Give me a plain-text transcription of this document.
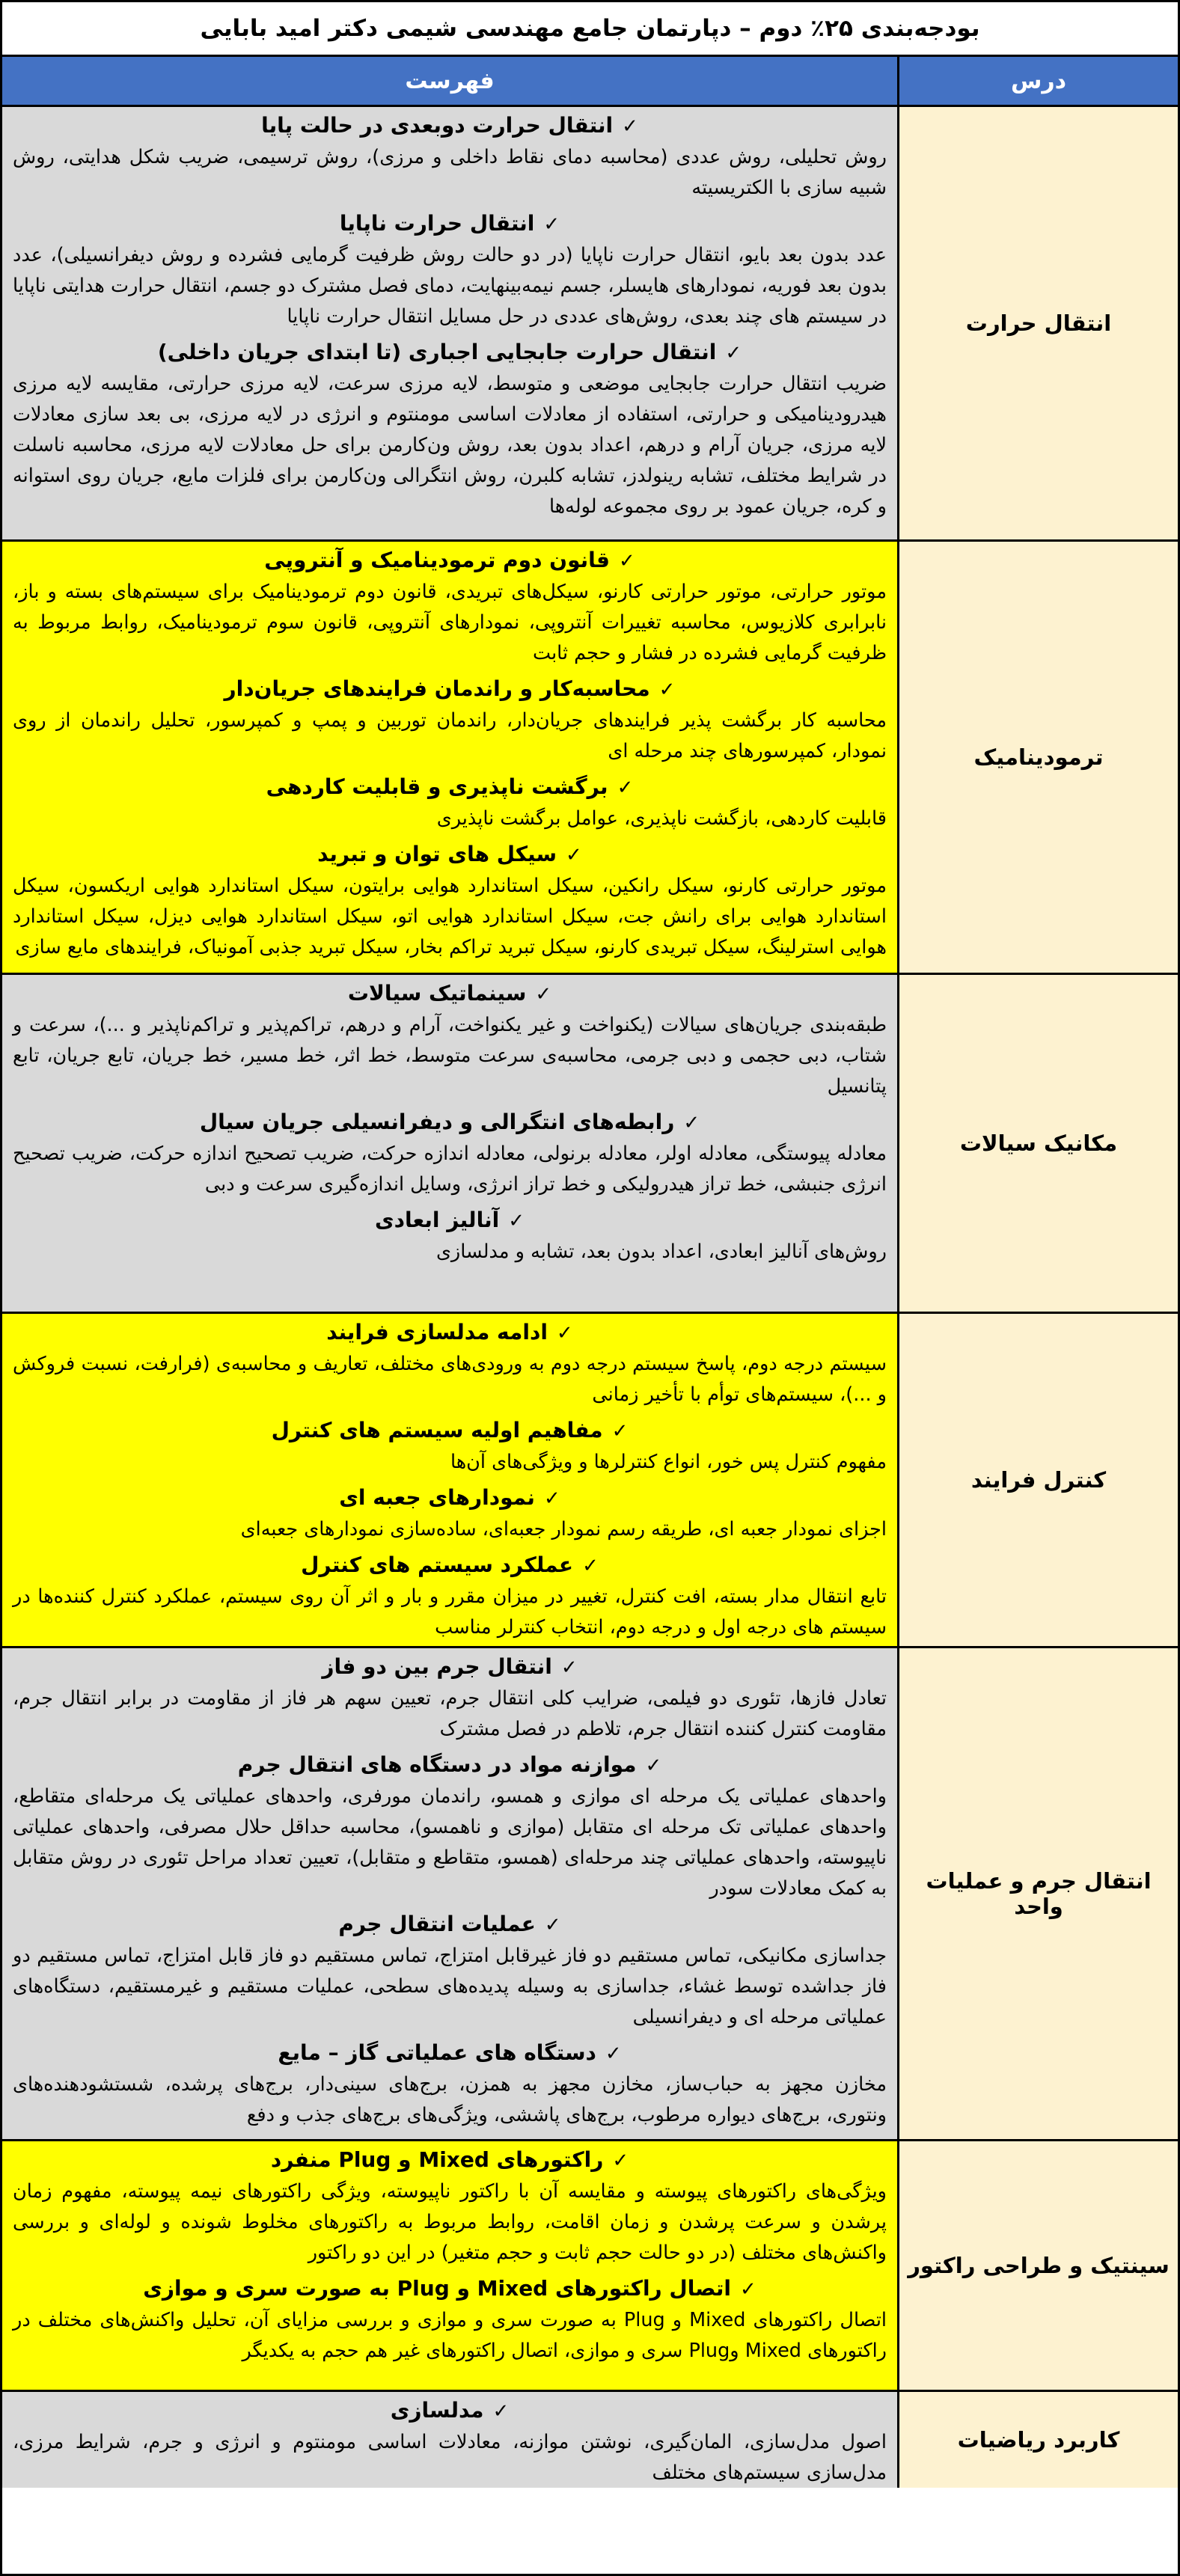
بودجه‌بندی ۲۵٪ دوم – دپارتمان جامع مهندسی شیمی دکتر امید بابایی
درس
فهرست
انتقال حرارت
✓انتقال حرارت دوبعدی در حالت پایا
روش تحلیلی، روش عددی (محاسبه دمای نقاط داخلی و مرزی)، روش ترسیمی، ضریب شکل هدایتی، روش شبیه سازی با الکتریسیته
✓انتقال حرارت ناپایا
عدد بدون بعد بایو، انتقال حرارت ناپایا (در دو حالت روش ظرفیت گرمایی فشرده و روش دیفرانسیلی)، عدد بدون بعد فوریه، نمودارهای هایسلر، جسم نیمه‌بینهایت، دمای فصل مشترک دو جسم، انتقال حرارت هدایتی ناپایا در سیستم های چند بعدی، روش‌های عددی در حل مسایل انتقال حرارت ناپایا
✓انتقال حرارت جابجایی اجباری (تا ابتدای جریان داخلی)
ضریب انتقال حرارت جابجایی موضعی و متوسط، لایه مرزی سرعت، لایه مرزی حرارتی، مقایسه لایه مرزی هیدرودینامیکی و حرارتی، استفاده از معادلات اساسی مومنتوم و انرژی در لایه مرزی، بی بعد سازی معادلات لایه مرزی، جریان آرام و درهم، اعداد بدون بعد، روش ون‌کارمن برای حل معادلات لایه مرزی، محاسبه ناسلت در شرایط مختلف، تشابه رینولدز، تشابه کلبرن، روش انتگرالی ون‌کارمن برای فلزات مایع، جریان روی استوانه و کره، جریان عمود بر روی مجموعه لوله‌ها
ترمودینامیک
✓قانون دوم ترمودینامیک و آنتروپی
موتور حرارتی، موتور حرارتی کارنو، سیکل‌های تبریدی، قانون دوم ترمودینامیک برای سیستم‌های بسته و باز، نابرابری کلازیوس، محاسبه تغییرات آنتروپی، نمودارهای آنتروپی، قانون سوم ترمودینامیک، روابط مربوط به ظرفیت گرمایی فشرده در فشار و حجم ثابت
✓محاسبه‌کار و راندمان فرایندهای جریان‌دار
محاسبه کار برگشت پذیر فرایندهای جریان‌دار، راندمان توربین و پمپ و کمپرسور، تحلیل راندمان از روی نمودار، کمپرسورهای چند مرحله ای
✓برگشت ناپذیری و قابلیت کاردهی
قابلیت کاردهی، بازگشت ناپذیری، عوامل برگشت ناپذیری
✓سیکل های توان و تبرید
موتور حرارتی کارنو، سیکل رانکین، سیکل استاندارد هوایی برایتون، سیکل استاندارد هوایی اریکسون، سیکل استاندارد هوایی برای رانش جت، سیکل استاندارد هوایی اتو، سیکل استاندارد هوایی دیزل، سیکل استاندارد هوایی استرلینگ، سیکل تبریدی کارنو، سیکل تبرید تراکم بخار، سیکل تبرید جذبی آمونیاک، فرایندهای مایع سازی
مکانیک سیالات
✓سینماتیک سیالات
طبقه‌بندی جریان‌های سیالات (یکنواخت و غیر یکنواخت، آرام و درهم، تراکم‌پذیر و تراکم‌ناپذیر و ...)، سرعت و شتاب، دبی حجمی و دبی جرمی، محاسبه‌ی سرعت متوسط، خط اثر، خط مسیر، خط جریان، تابع جریان، تابع پتانسیل
✓رابطه‌های انتگرالی و دیفرانسیلی جریان سیال
معادله پیوستگی، معادله اولر، معادله برنولی، معادله اندازه حرکت، ضریب تصحیح اندازه حرکت، ضریب تصحیح انرژی جنبشی، خط تراز هیدرولیکی و خط تراز انرژی، وسایل اندازه‌گیری سرعت و دبی
✓آنالیز ابعادی
روش‌های آنالیز ابعادی، اعداد بدون بعد، تشابه و مدلسازی
کنترل فرایند
✓ادامه مدلسازی فرایند
سیستم درجه دوم، پاسخ سیستم درجه دوم به ورودی‌های مختلف، تعاریف و محاسبه‌ی (فرارفت، نسبت فروکش و ...)، سیستم‌های توأم با تأخیر زمانی
✓مفاهیم اولیه سیستم های کنترل
مفهوم کنترل پس خور، انواع کنترلرها و ویژگی‌های آن‌ها
✓نمودارهای جعبه ای
اجزای نمودار جعبه ای، طریقه رسم نمودار جعبه‌ای، ساده‌سازی نمودارهای جعبه‌ای
✓عملکرد سیستم های کنترل
تابع انتقال مدار بسته، افت کنترل، تغییر در میزان مقرر و بار و اثر آن روی سیستم، عملکرد کنترل کننده‌ها در سیستم های درجه اول و درجه دوم، انتخاب کنترلر مناسب
انتقال جرم و عملیات واحد
✓انتقال جرم بین دو فاز
تعادل فازها، تئوری دو فیلمی، ضرایب کلی انتقال جرم، تعیین سهم هر فاز از مقاومت در برابر انتقال جرم، مقاومت کنترل کننده انتقال جرم، تلاطم در فصل مشترک
✓موازنه مواد در دستگاه های انتقال جرم
واحدهای عملیاتی یک مرحله ای موازی و همسو، راندمان مورفری، واحدهای عملیاتی یک مرحله‌ای متقاطع، واحدهای عملیاتی تک مرحله ای متقابل (موازی و ناهمسو)، محاسبه حداقل حلال مصرفی، واحدهای عملیاتی ناپیوسته، واحدهای عملیاتی چند مرحله‌ای (همسو، متقاطع و متقابل)، تعیین تعداد مراحل تئوری در روش متقابل به کمک معادلات سودر
✓عملیات انتقال جرم
جداسازی مکانیکی، تماس مستقیم دو فاز غیرقابل امتزاج، تماس مستقیم دو فاز قابل امتزاج، تماس مستقیم دو فاز جداشده توسط غشاء، جداسازی به وسیله پدیده‌های سطحی، عملیات مستقیم و غیرمستقیم، دستگاه‌های عملیاتی مرحله ای و دیفرانسیلی
✓دستگاه های عملیاتی گاز – مایع
مخازن مجهز به حباب‌ساز، مخازن مجهز به همزن، برج‌های سینی‌دار، برج‌های پرشده، شستشودهنده‌های ونتوری، برج‌های دیواره مرطوب، برج‌های پاششی، ویژگی‌های برج‌های جذب و دفع
سینتیک و طراحی راکتور
✓راکتورهای Mixed و Plug منفرد
ویژگی‌های راکتورهای پیوسته و مقایسه آن با راکتور ناپیوسته، ویژگی راکتورهای نیمه پیوسته، مفهوم زمان پرشدن و سرعت پرشدن و زمان اقامت، روابط مربوط به راکتورهای مخلوط شونده و لوله‌ای و بررسی واکنش‌های مختلف (در دو حالت حجم ثابت و حجم متغیر) در این دو راکتور
✓اتصال راکتورهای Mixed و Plug به صورت سری و موازی
اتصال راکتورهای Mixed و Plug به صورت سری و موازی و بررسی مزایای آن، تحلیل واکنش‌های مختلف در راکتورهای Mixed وPlug سری و موازی، اتصال راکتورهای غیر هم حجم به یکدیگر
کاربرد ریاضیات
✓مدلسازی
اصول مدل‌سازی، المان‌گیری، نوشتن موازنه، معادلات اساسی مومنتوم و انرژی و جرم، شرایط مرزی، مدل‌سازی سیستم‌های مختلف
